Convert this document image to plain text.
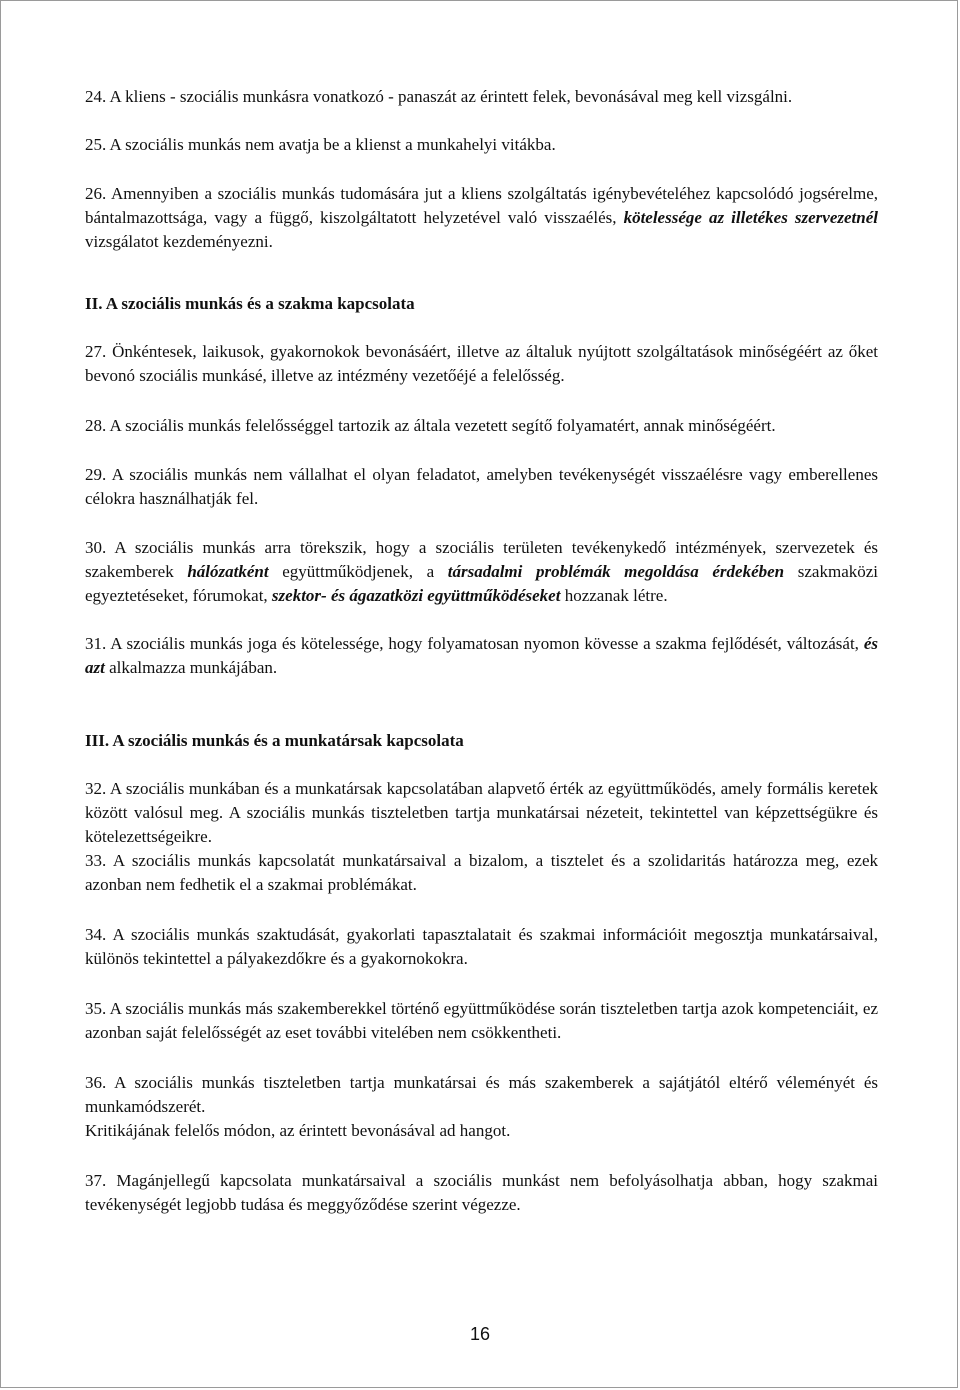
24. A kliens - szociális munkásra vonatkozó - panaszát az érintett felek, bevonásával meg kell vizsgálni.

25. A szociális munkás nem avatja be a klienst a munkahelyi vitákba.

26. Amennyiben a szociális munkás tudomására jut a kliens szolgáltatás igénybevételéhez kapcsolódó jogsérelme, bántalmazottsága, vagy a függő, kiszolgáltatott helyzetével való visszaélés, kötelessége az illetékes szervezetnél vizsgálatot kezdeményezni.

II. A szociális munkás és a szakma kapcsolata

27. Önkéntesek, laikusok, gyakornokok bevonásáért, illetve az általuk nyújtott szolgáltatások minőségéért az őket bevonó szociális munkásé, illetve az intézmény vezetőéjé a felelősség.

28. A szociális munkás felelősséggel tartozik az általa vezetett segítő folyamatért, annak minőségéért.

29. A szociális munkás nem vállalhat el olyan feladatot, amelyben tevékenységét visszaélésre vagy emberellenes célokra használhatják fel.

30. A szociális munkás arra törekszik, hogy a szociális területen tevékenykedő intézmények, szervezetek és szakemberek hálózatként együttműködjenek, a társadalmi problémák megoldása érdekében szakmaközi egyeztetéseket, fórumokat, szektor- és ágazatközi együttműködéseket hozzanak létre.

31. A szociális munkás joga és kötelessége, hogy folyamatosan nyomon kövesse a szakma fejlődését, változását, és azt alkalmazza munkájában.

III. A szociális munkás és a munkatársak kapcsolata

32. A szociális munkában és a munkatársak kapcsolatában alapvető érték az együttműködés, amely formális keretek között valósul meg. A szociális munkás tiszteletben tartja munkatársai nézeteit, tekintettel van képzettségükre és kötelezettségeikre.

33. A szociális munkás kapcsolatát munkatársaival a bizalom, a tisztelet és a szolidaritás határozza meg, ezek azonban nem fedhetik el a szakmai problémákat.

34. A szociális munkás szaktudását, gyakorlati tapasztalatait és szakmai információit megosztja munkatársaival, különös tekintettel a pályakezdőkre és a gyakornokokra.

35. A szociális munkás más szakemberekkel történő együttműködése során tiszteletben tartja azok kompetenciáit, ez azonban saját felelősségét az eset további vitelében nem csökkentheti.

36. A szociális munkás tiszteletben tartja munkatársai és más szakemberek a sajátjától eltérő véleményét és munkamódszerét.

Kritikájának felelős módon, az érintett bevonásával ad hangot.

37. Magánjellegű kapcsolata munkatársaival a szociális munkást nem befolyásolhatja abban, hogy szakmai tevékenységét legjobb tudása és meggyőződése szerint végezze.

16
